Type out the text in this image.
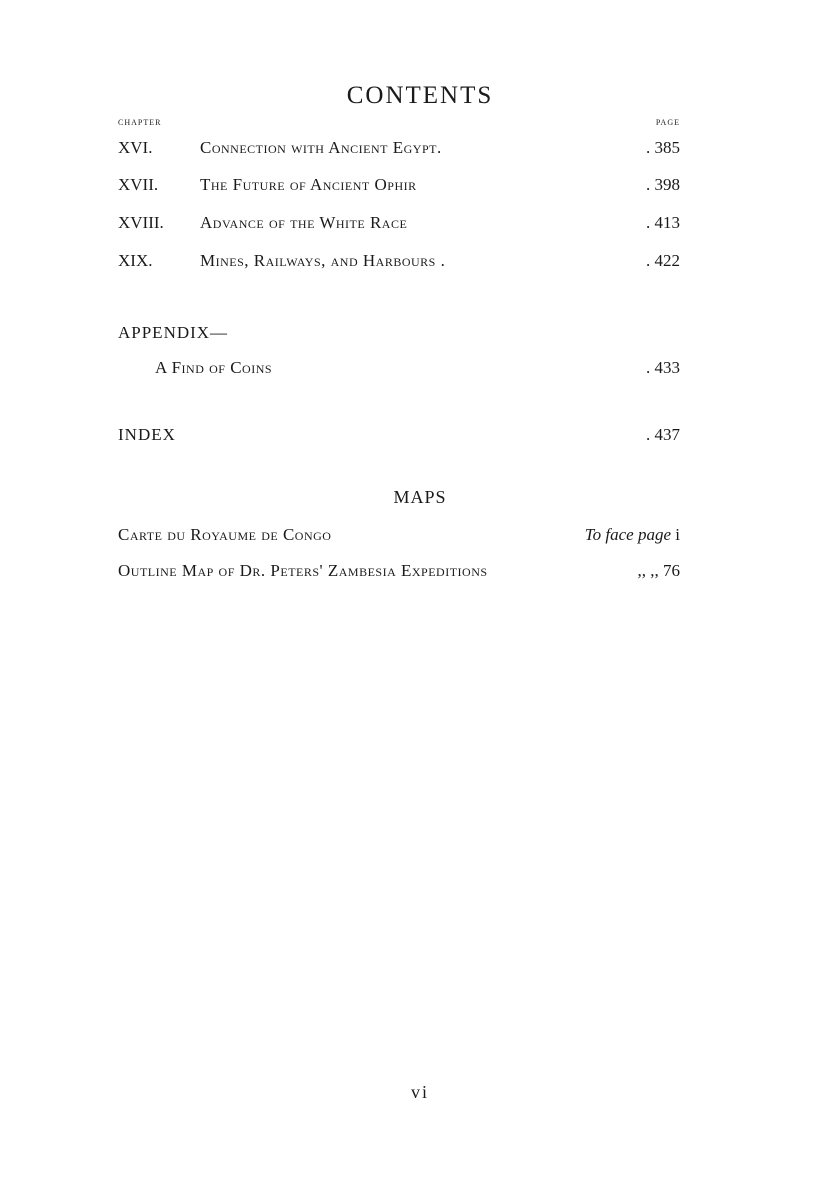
CONTENTS
CHAPTER	PAGE
XVI.	Connection with Ancient Egypt.	. 385
XVII.	The Future of Ancient Ophir	. 398
XVIII.	Advance of the White Race	. 413
XIX.	Mines, Railways, and Harbours .	. 422
APPENDIX—
A Find of Coins	. 433
INDEX	. 437
MAPS
Carte du Royaume de Congo	To face page i
Outline Map of Dr. Peters' Zambesia Expeditions	,, ,, 76
vi
